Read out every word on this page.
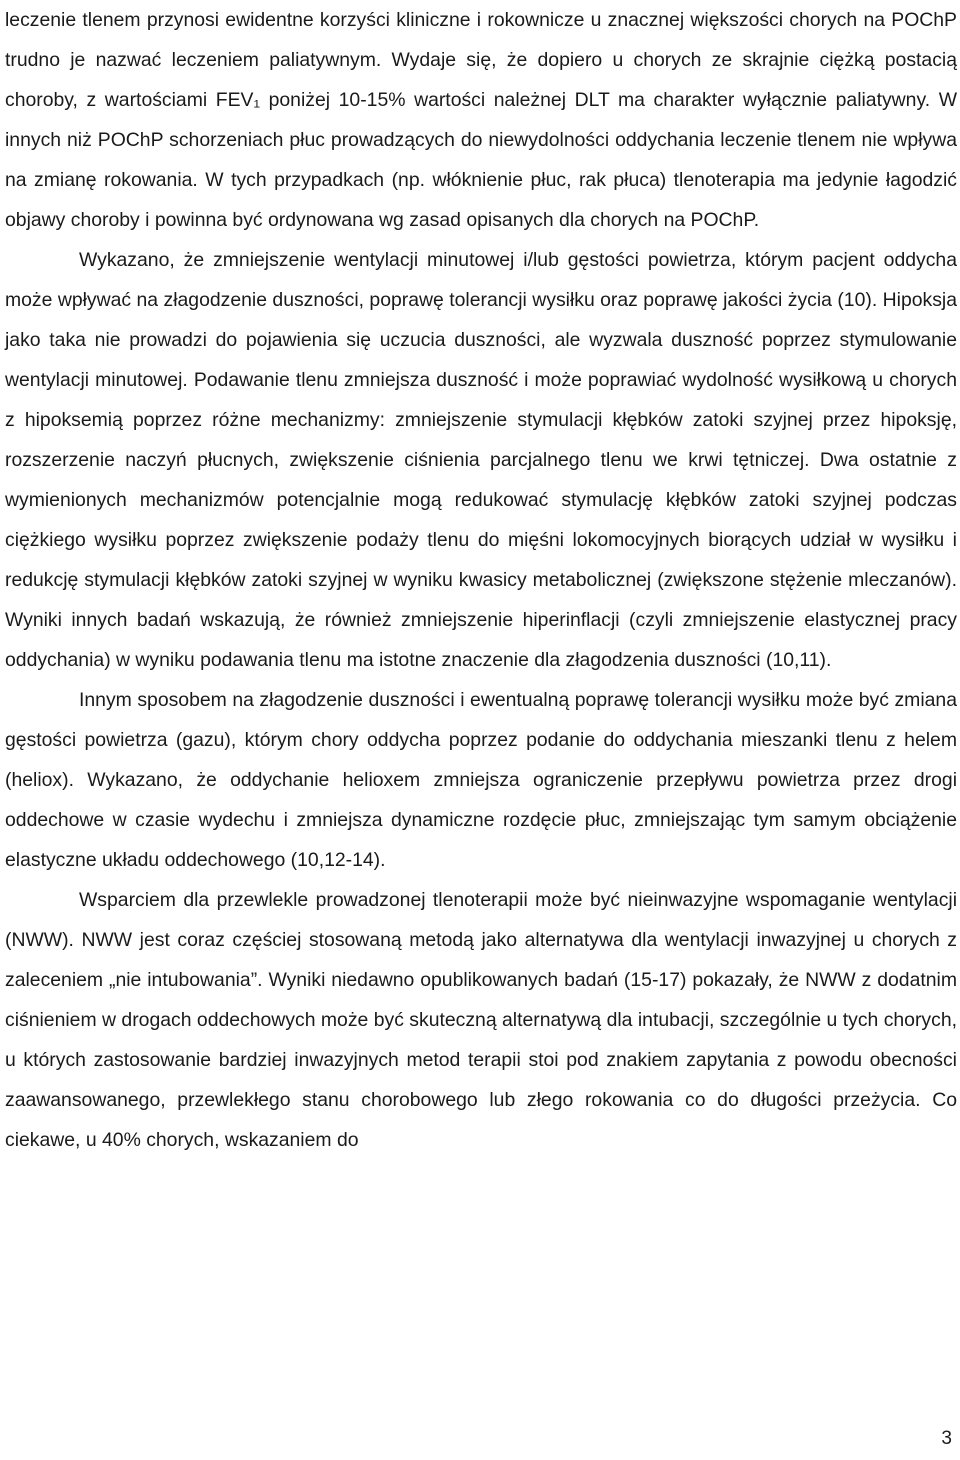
leczenie tlenem przynosi ewidentne korzyści kliniczne i rokownicze u znacznej większości chorych na POChP trudno je nazwać leczeniem paliatywnym. Wydaje się, że dopiero u chorych ze skrajnie ciężką postacią choroby, z wartościami FEV₁ poniżej 10-15% wartości należnej DLT ma charakter wyłącznie paliatywny. W innych niż POChP schorzeniach płuc prowadzących do niewydolności oddychania leczenie tlenem nie wpływa na zmianę rokowania. W tych przypadkach (np. włóknienie płuc, rak płuca) tlenoterapia ma jedynie łagodzić objawy choroby i powinna być ordynowana wg zasad opisanych dla chorych na POChP.

Wykazano, że zmniejszenie wentylacji minutowej i/lub gęstości powietrza, którym pacjent oddycha może wpływać na złagodzenie duszności, poprawę tolerancji wysiłku oraz poprawę jakości życia (10). Hipoksja jako taka nie prowadzi do pojawienia się uczucia duszności, ale wyzwala duszność poprzez stymulowanie wentylacji minutowej. Podawanie tlenu zmniejsza duszność i może poprawiać wydolność wysiłkową u chorych z hipoksemią poprzez różne mechanizmy: zmniejszenie stymulacji kłębków zatoki szyjnej przez hipoksję, rozszerzenie naczyń płucnych, zwiększenie ciśnienia parcjalnego tlenu we krwi tętniczej. Dwa ostatnie z wymienionych mechanizmów potencjalnie mogą redukować stymulację kłębków zatoki szyjnej podczas ciężkiego wysiłku poprzez zwiększenie podaży tlenu do mięśni lokomocyjnych biorących udział w wysiłku i redukcję stymulacji kłębków zatoki szyjnej w wyniku kwasicy metabolicznej (zwiększone stężenie mleczanów). Wyniki innych badań wskazują, że również zmniejszenie hiperinflacji (czyli zmniejszenie elastycznej pracy oddychania) w wyniku podawania tlenu ma istotne znaczenie dla złagodzenia duszności (10,11).

Innym sposobem na złagodzenie duszności i ewentualną poprawę tolerancji wysiłku może być zmiana gęstości powietrza (gazu), którym chory oddycha poprzez podanie do oddychania mieszanki tlenu z helem (heliox). Wykazano, że oddychanie helioxem zmniejsza ograniczenie przepływu powietrza przez drogi oddechowe w czasie wydechu i zmniejsza dynamiczne rozdęcie płuc, zmniejszając tym samym obciążenie elastyczne układu oddechowego (10,12-14).

Wsparciem dla przewlekle prowadzonej tlenoterapii może być nieinwazyjne wspomaganie wentylacji (NWW). NWW jest coraz częściej stosowaną metodą jako alternatywa dla wentylacji inwazyjnej u chorych z zaleceniem „nie intubowania”. Wyniki niedawno opublikowanych badań (15-17) pokazały, że NWW z dodatnim ciśnieniem w drogach oddechowych może być skuteczną alternatywą dla intubacji, szczególnie u tych chorych, u których zastosowanie bardziej inwazyjnych metod terapii stoi pod znakiem zapytania z powodu obecności zaawansowanego, przewlekłego stanu chorobowego lub złego rokowania co do długości przeżycia. Co ciekawe, u 40% chorych, wskazaniem do

3
